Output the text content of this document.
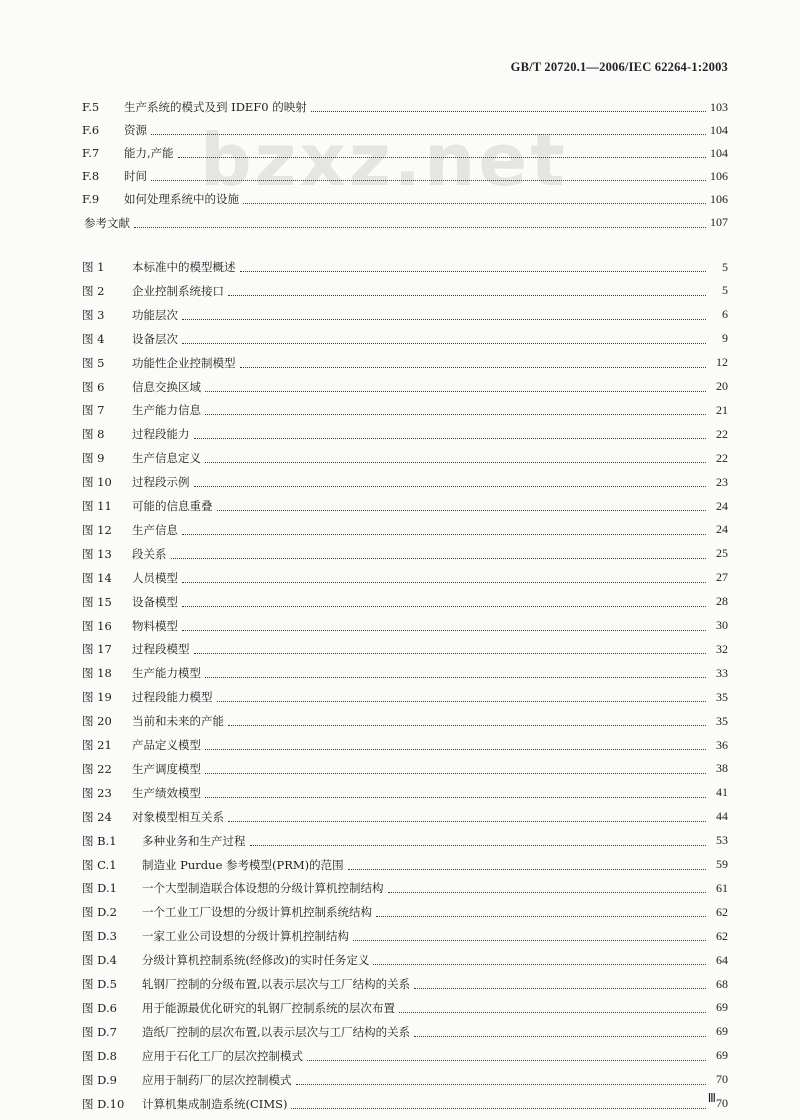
GB/T 20720.1—2006/IEC 62264-1:2003
bzxz.net
F.5	生产系统的模式及到 IDEF0 的映射	103
F.6	资源	104
F.7	能力,产能	104
F.8	时间	106
F.9	如何处理系统中的设施	106
参考文献	107
图 1	本标准中的模型概述	5
图 2	企业控制系统接口	5
图 3	功能层次	6
图 4	设备层次	9
图 5	功能性企业控制模型	12
图 6	信息交换区域	20
图 7	生产能力信息	21
图 8	过程段能力	22
图 9	生产信息定义	22
图 10	过程段示例	23
图 11	可能的信息重叠	24
图 12	生产信息	24
图 13	段关系	25
图 14	人员模型	27
图 15	设备模型	28
图 16	物料模型	30
图 17	过程段模型	32
图 18	生产能力模型	33
图 19	过程段能力模型	35
图 20	当前和未来的产能	35
图 21	产品定义模型	36
图 22	生产调度模型	38
图 23	生产绩效模型	41
图 24	对象模型相互关系	44
图 B.1	多种业务和生产过程	53
图 C.1	制造业 Purdue 参考模型(PRM)的范围	59
图 D.1	一个大型制造联合体设想的分级计算机控制结构	61
图 D.2	一个工业工厂设想的分级计算机控制系统结构	62
图 D.3	一家工业公司设想的分级计算机控制结构	62
图 D.4	分级计算机控制系统(经修改)的实时任务定义	64
图 D.5	轧钢厂控制的分级布置,以表示层次与工厂结构的关系	68
图 D.6	用于能源最优化研究的轧钢厂控制系统的层次布置	69
图 D.7	造纸厂控制的层次布置,以表示层次与工厂结构的关系	69
图 D.8	应用于石化工厂的层次控制模式	69
图 D.9	应用于制药厂的层次控制模式	70
图 D.10	计算机集成制造系统(CIMS)	70
Ⅲ
